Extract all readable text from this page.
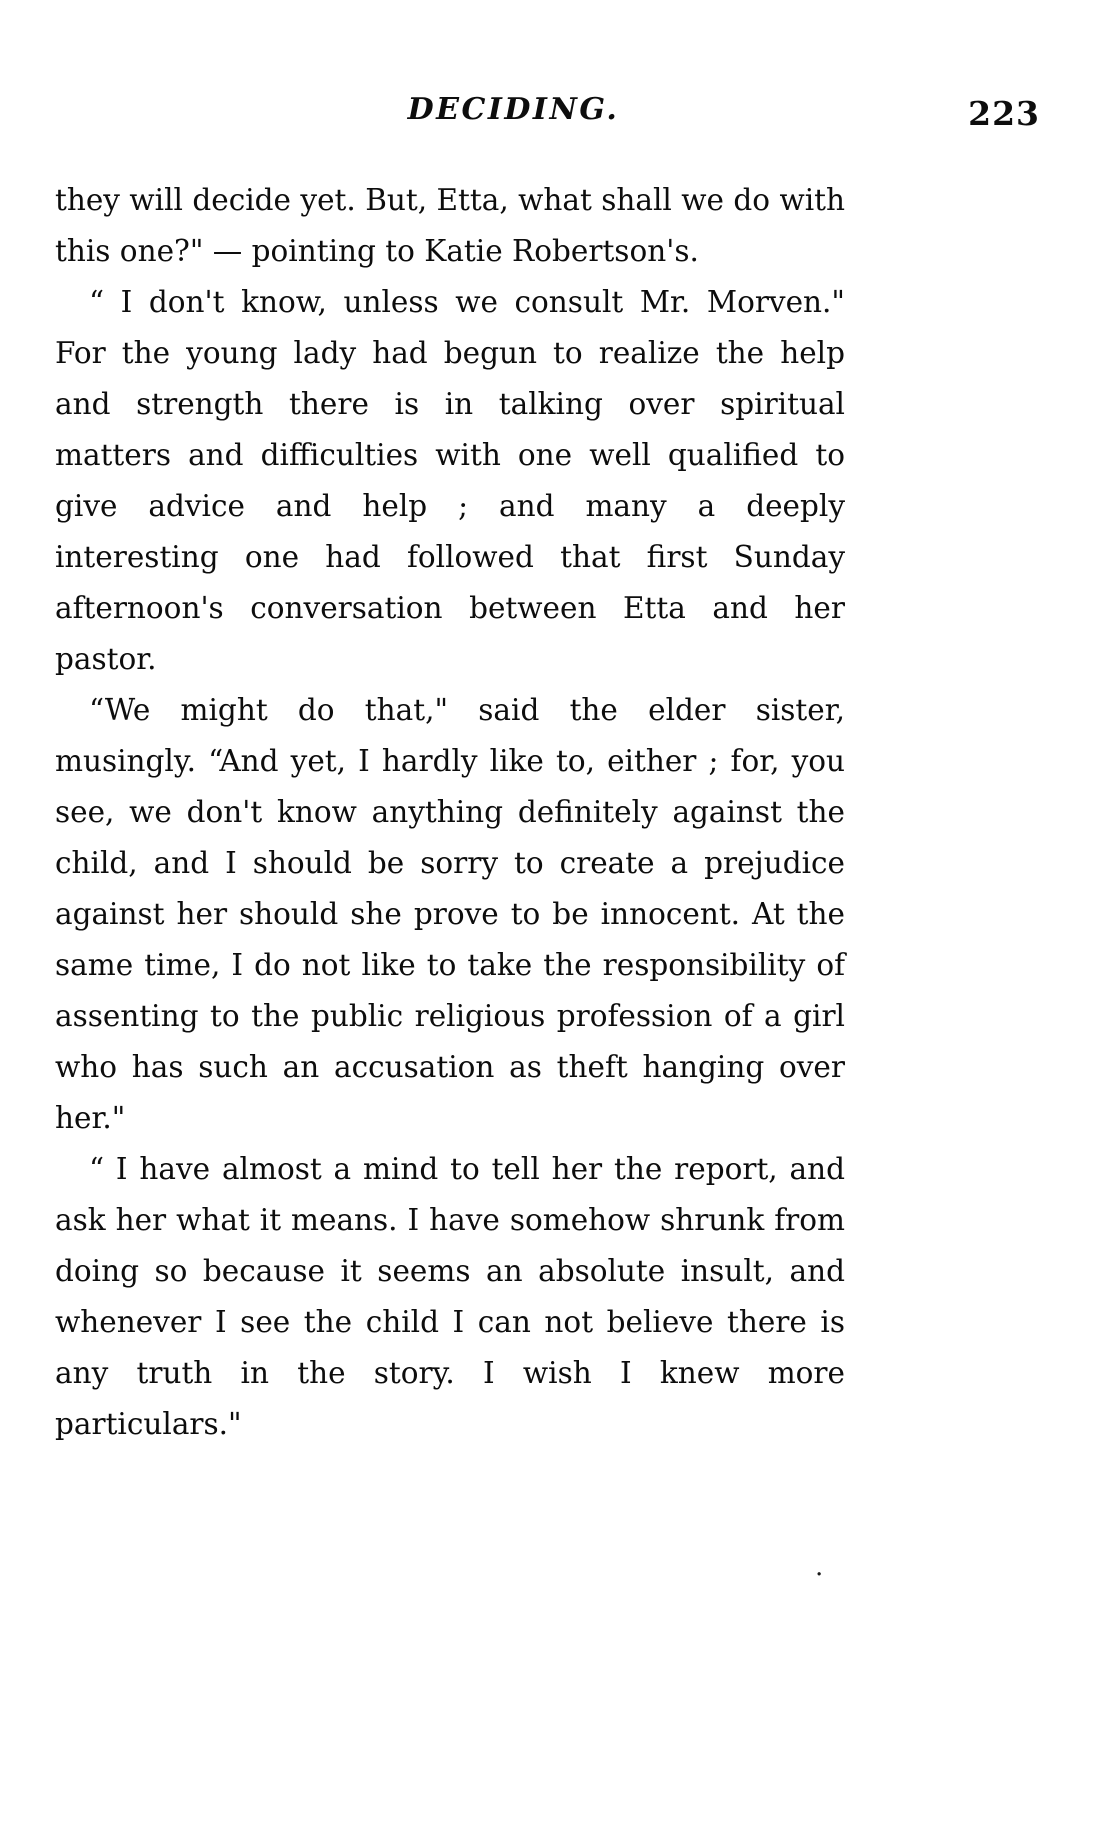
DECIDING.	223

they will decide yet. But, Etta, what shall we do with this one?" — pointing to Katie Robertson's.

“ I don't know, unless we consult Mr. Morven." For the young lady had begun to realize the help and strength there is in talking over spiritual matters and difficulties with one well qualified to give advice and help ; and many a deeply interesting one had followed that first Sunday afternoon's conversation between Etta and her pastor.

“We might do that," said the elder sister, musingly. “And yet, I hardly like to, either ; for, you see, we don't know anything definitely against the child, and I should be sorry to create a prejudice against her should she prove to be innocent. At the same time, I do not like to take the responsibility of assenting to the public religious profession of a girl who has such an accusation as theft hanging over her."

“ I have almost a mind to tell her the report, and ask her what it means. I have somehow shrunk from doing so because it seems an absolute insult, and whenever I see the child I can not believe there is any truth in the story. I wish I knew more particulars."

.
